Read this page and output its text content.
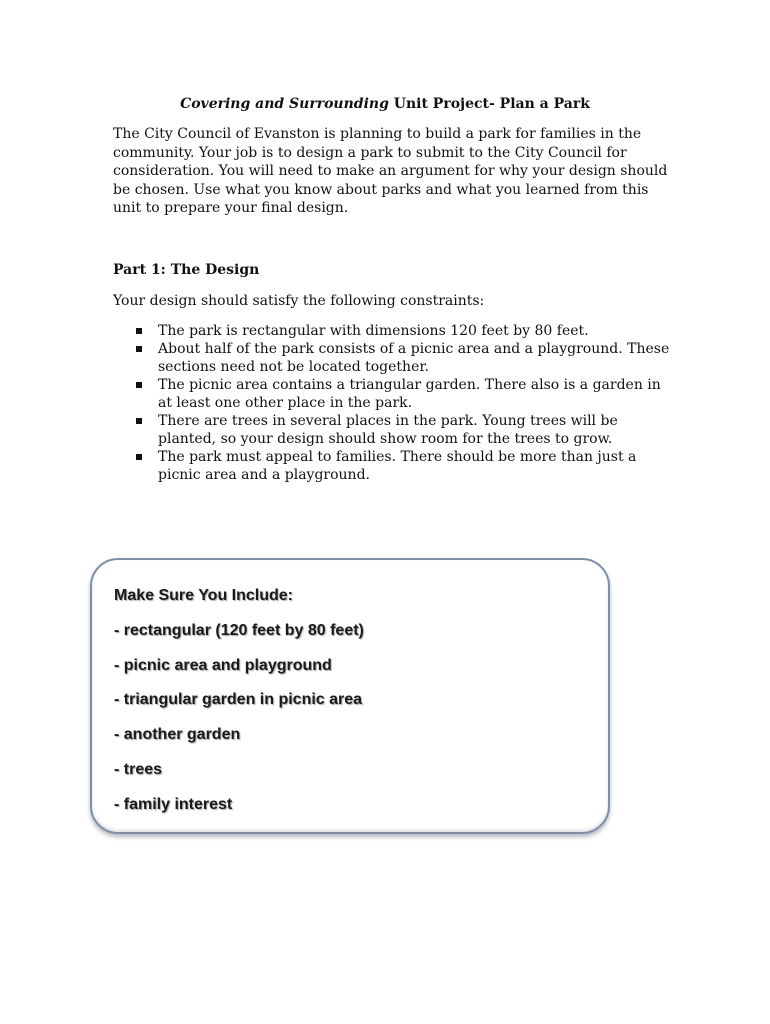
Covering and Surrounding Unit Project- Plan a Park

The City Council of Evanston is planning to build a park for families in the community. Your job is to design a park to submit to the City Council for consideration. You will need to make an argument for why your design should be chosen. Use what you know about parks and what you learned from this unit to prepare your final design.

Part 1: The Design

Your design should satisfy the following constraints:

The park is rectangular with dimensions 120 feet by 80 feet.
About half of the park consists of a picnic area and a playground. These sections need not be located together.
The picnic area contains a triangular garden. There also is a garden in at least one other place in the park.
There are trees in several places in the park. Young trees will be planted, so your design should show room for the trees to grow.
The park must appeal to families. There should be more than just a picnic area and a playground.
Make Sure You Include:
- rectangular (120 feet by 80 feet)
- picnic area and playground
- triangular garden in picnic area
- another garden
- trees
- family interest
